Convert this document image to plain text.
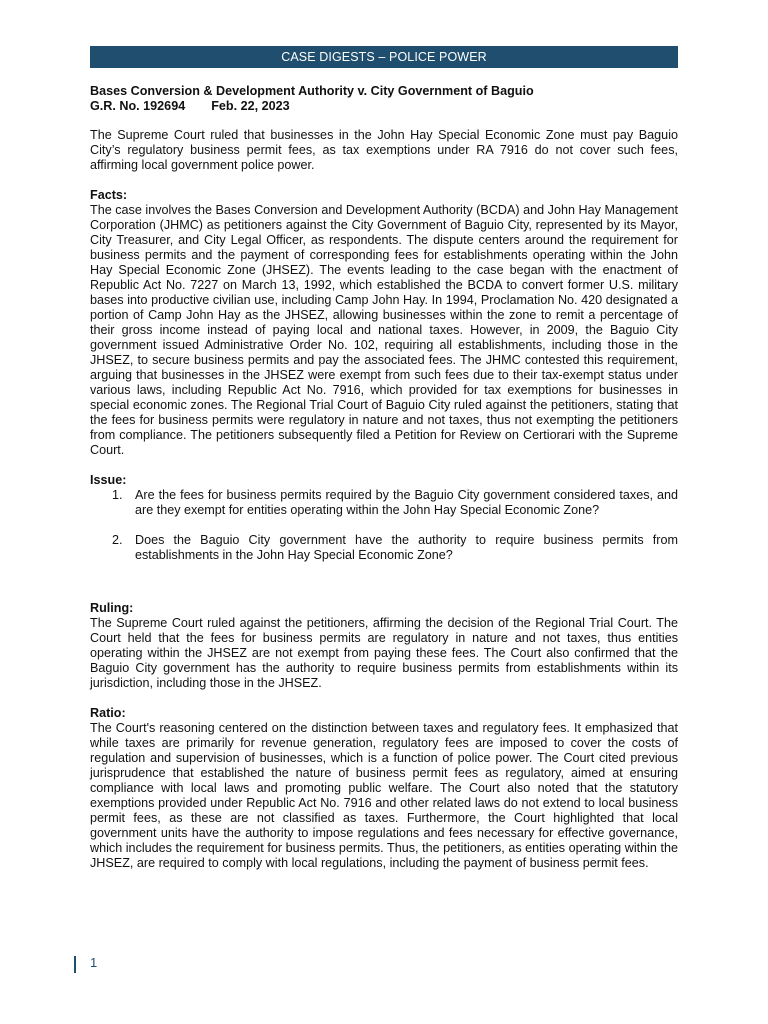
CASE DIGESTS – POLICE POWER

Bases Conversion & Development Authority v. City Government of Baguio

G.R. No. 192694 Feb. 22, 2023

The Supreme Court ruled that businesses in the John Hay Special Economic Zone must pay Baguio City’s regulatory business permit fees, as tax exemptions under RA 7916 do not cover such fees, affirming local government police power.

Facts:

The case involves the Bases Conversion and Development Authority (BCDA) and John Hay Management Corporation (JHMC) as petitioners against the City Government of Baguio City, represented by its Mayor, City Treasurer, and City Legal Officer, as respondents. The dispute centers around the requirement for business permits and the payment of corresponding fees for establishments operating within the John Hay Special Economic Zone (JHSEZ). The events leading to the case began with the enactment of Republic Act No. 7227 on March 13, 1992, which established the BCDA to convert former U.S. military bases into productive civilian use, including Camp John Hay. In 1994, Proclamation No. 420 designated a portion of Camp John Hay as the JHSEZ, allowing businesses within the zone to remit a percentage of their gross income instead of paying local and national taxes. However, in 2009, the Baguio City government issued Administrative Order No. 102, requiring all establishments, including those in the JHSEZ, to secure business permits and pay the associated fees. The JHMC contested this requirement, arguing that businesses in the JHSEZ were exempt from such fees due to their tax-exempt status under various laws, including Republic Act No. 7916, which provided for tax exemptions for businesses in special economic zones. The Regional Trial Court of Baguio City ruled against the petitioners, stating that the fees for business permits were regulatory in nature and not taxes, thus not exempting the petitioners from compliance. The petitioners subsequently filed a Petition for Review on Certiorari with the Supreme Court.

Issue:

1. Are the fees for business permits required by the Baguio City government considered taxes, and are they exempt for entities operating within the John Hay Special Economic Zone?
2. Does the Baguio City government have the authority to require business permits from establishments in the John Hay Special Economic Zone?

Ruling:

The Supreme Court ruled against the petitioners, affirming the decision of the Regional Trial Court. The Court held that the fees for business permits are regulatory in nature and not taxes, thus entities operating within the JHSEZ are not exempt from paying these fees. The Court also confirmed that the Baguio City government has the authority to require business permits from establishments within its jurisdiction, including those in the JHSEZ.

Ratio:

The Court's reasoning centered on the distinction between taxes and regulatory fees. It emphasized that while taxes are primarily for revenue generation, regulatory fees are imposed to cover the costs of regulation and supervision of businesses, which is a function of police power. The Court cited previous jurisprudence that established the nature of business permit fees as regulatory, aimed at ensuring compliance with local laws and promoting public welfare. The Court also noted that the statutory exemptions provided under Republic Act No. 7916 and other related laws do not extend to local business permit fees, as these are not classified as taxes. Furthermore, the Court highlighted that local government units have the authority to impose regulations and fees necessary for effective governance, which includes the requirement for business permits. Thus, the petitioners, as entities operating within the JHSEZ, are required to comply with local regulations, including the payment of business permit fees.

1
